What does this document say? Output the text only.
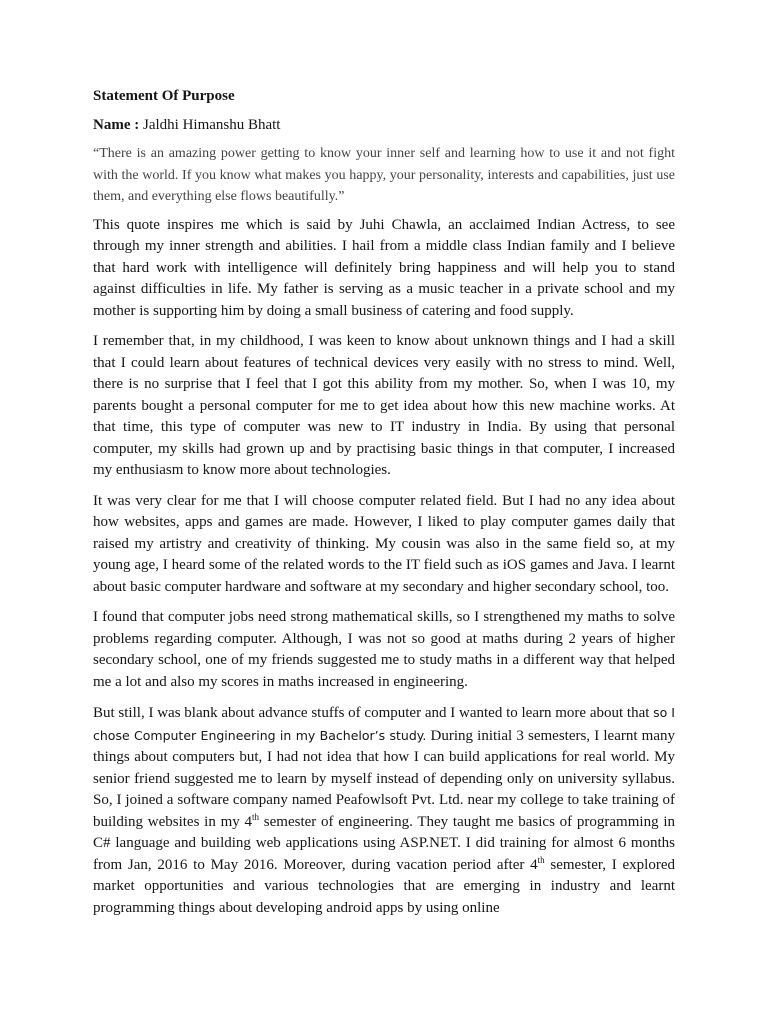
Statement Of Purpose

Name : Jaldhi Himanshu Bhatt

“There is an amazing power getting to know your inner self and learning how to use it and not fight with the world. If you know what makes you happy, your personality, interests and capabilities, just use them, and everything else flows beautifully.”

This quote inspires me which is said by Juhi Chawla, an acclaimed Indian Actress, to see through my inner strength and abilities. I hail from a middle class Indian family and I believe that hard work with intelligence will definitely bring happiness and will help you to stand against difficulties in life. My father is serving as a music teacher in a private school and my mother is supporting him by doing a small business of catering and food supply.

I remember that, in my childhood, I was keen to know about unknown things and I had a skill that I could learn about features of technical devices very easily with no stress to mind. Well, there is no surprise that I feel that I got this ability from my mother. So, when I was 10, my parents bought a personal computer for me to get idea about how this new machine works. At that time, this type of computer was new to IT industry in India. By using that personal computer, my skills had grown up and by practising basic things in that computer, I increased my enthusiasm to know more about technologies.

It was very clear for me that I will choose computer related field. But I had no any idea about how websites, apps and games are made. However, I liked to play computer games daily that raised my artistry and creativity of thinking. My cousin was also in the same field so, at my young age, I heard some of the related words to the IT field such as iOS games and Java. I learnt about basic computer hardware and software at my secondary and higher secondary school, too.

I found that computer jobs need strong mathematical skills, so I strengthened my maths to solve problems regarding computer. Although, I was not so good at maths during 2 years of higher secondary school, one of my friends suggested me to study maths in a different way that helped me a lot and also my scores in maths increased in engineering.

But still, I was blank about advance stuffs of computer and I wanted to learn more about that so I chose Computer Engineering in my Bachelor’s study. During initial 3 semesters, I learnt many things about computers but, I had not idea that how I can build applications for real world. My senior friend suggested me to learn by myself instead of depending only on university syllabus. So, I joined a software company named Peafowlsoft Pvt. Ltd. near my college to take training of building websites in my 4th semester of engineering. They taught me basics of programming in C# language and building web applications using ASP.NET. I did training for almost 6 months from Jan, 2016 to May 2016. Moreover, during vacation period after 4th semester, I explored market opportunities and various technologies that are emerging in industry and learnt programming things about developing android apps by using online
